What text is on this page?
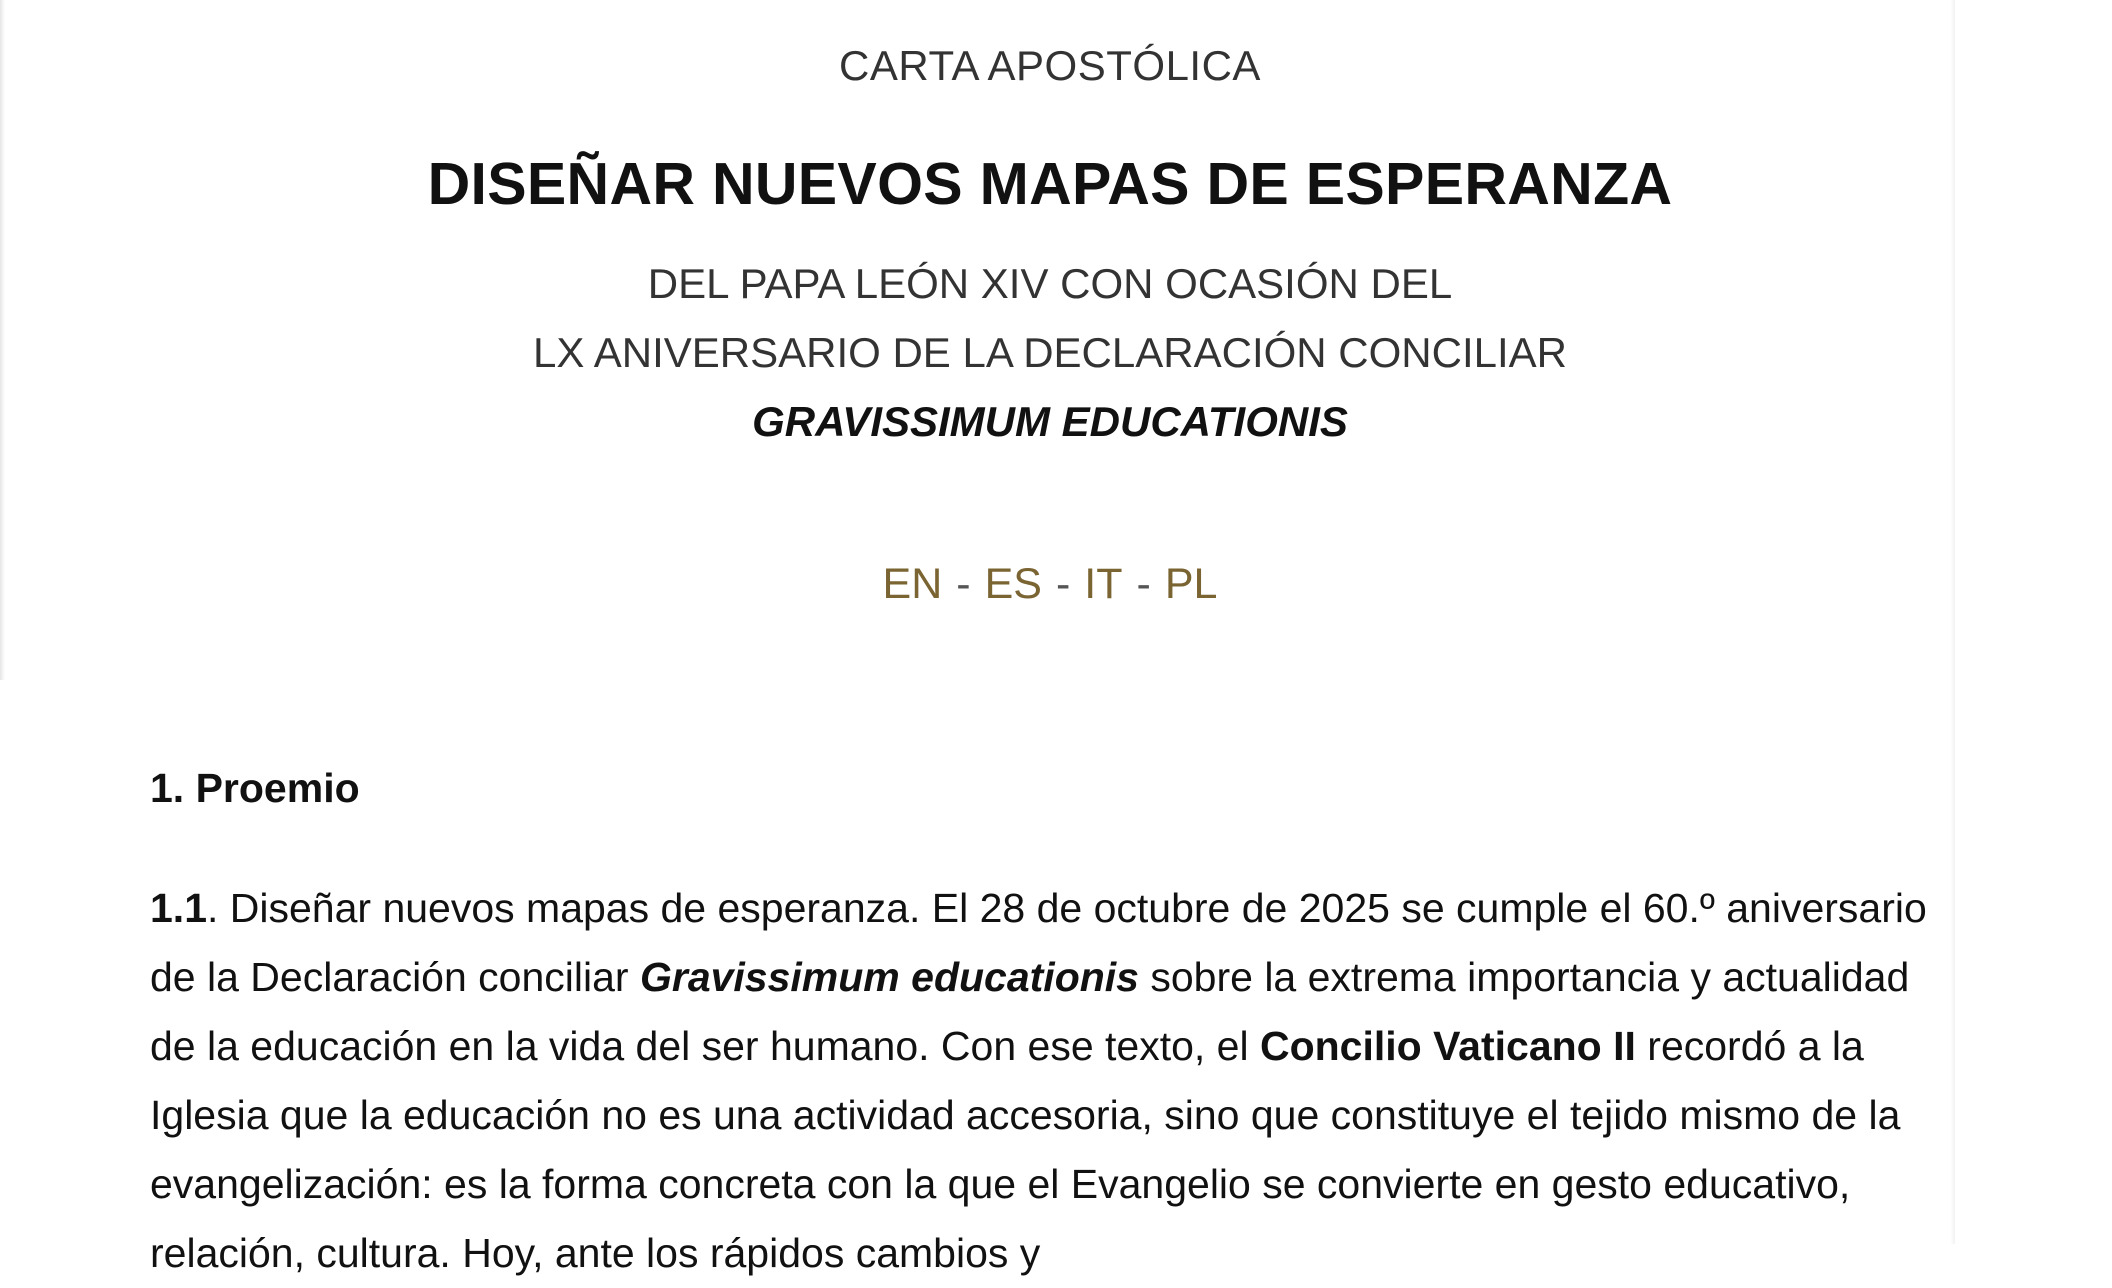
CARTA APOSTÓLICA

DISEÑAR NUEVOS MAPAS DE ESPERANZA

DEL PAPA LEÓN XIV CON OCASIÓN DEL
LX ANIVERSARIO DE LA DECLARACIÓN CONCILIAR
GRAVISSIMUM EDUCATIONIS

EN - ES - IT - PL

1. Proemio

1.1. Diseñar nuevos mapas de esperanza. El 28 de octubre de 2025 se cumple el 60.º aniversario de la Declaración conciliar Gravissimum educationis sobre la extrema importancia y actualidad de la educación en la vida del ser humano. Con ese texto, el Concilio Vaticano II recordó a la Iglesia que la educación no es una actividad accesoria, sino que constituye el tejido mismo de la evangelización: es la forma concreta con la que el Evangelio se convierte en gesto educativo, relación, cultura. Hoy, ante los rápidos cambios y
